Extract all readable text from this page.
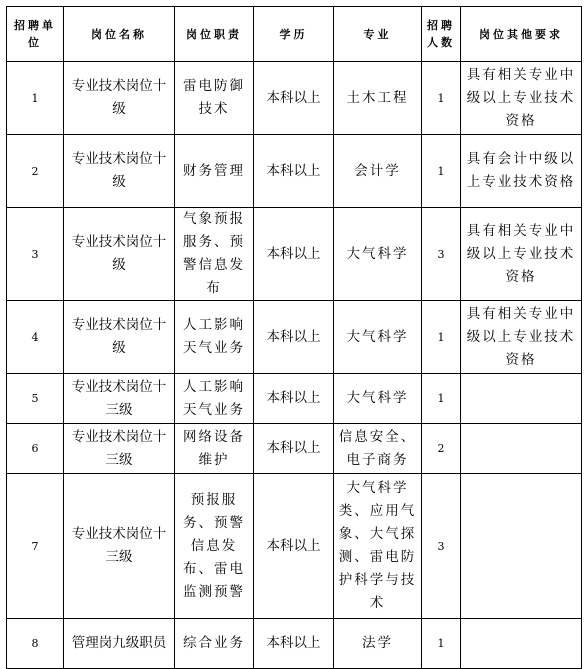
招聘单位	岗位名称	岗位职责	学历	专业	招聘人数	岗位其他要求
1	专业技术岗位十级	雷电防御技术	本科以上	土木工程	1	具有相关专业中级以上专业技术资格
2	专业技术岗位十级	财务管理	本科以上	会计学	1	具有会计中级以上专业技术资格
3	专业技术岗位十级	气象预报服务、预警信息发布	本科以上	大气科学	3	具有相关专业中级以上专业技术资格
4	专业技术岗位十级	人工影响天气业务	本科以上	大气科学	1	具有相关专业中级以上专业技术资格
5	专业技术岗位十三级	人工影响天气业务	本科以上	大气科学	1	
6	专业技术岗位十三级	网络设备维护	本科以上	信息安全、电子商务	2	
7	专业技术岗位十三级	预报服务、预警信息发布、雷电监测预警	本科以上	大气科学类、应用气象、大气探测、雷电防护科学与技术	3	
8	管理岗九级职员	综合业务	本科以上	法学	1	
